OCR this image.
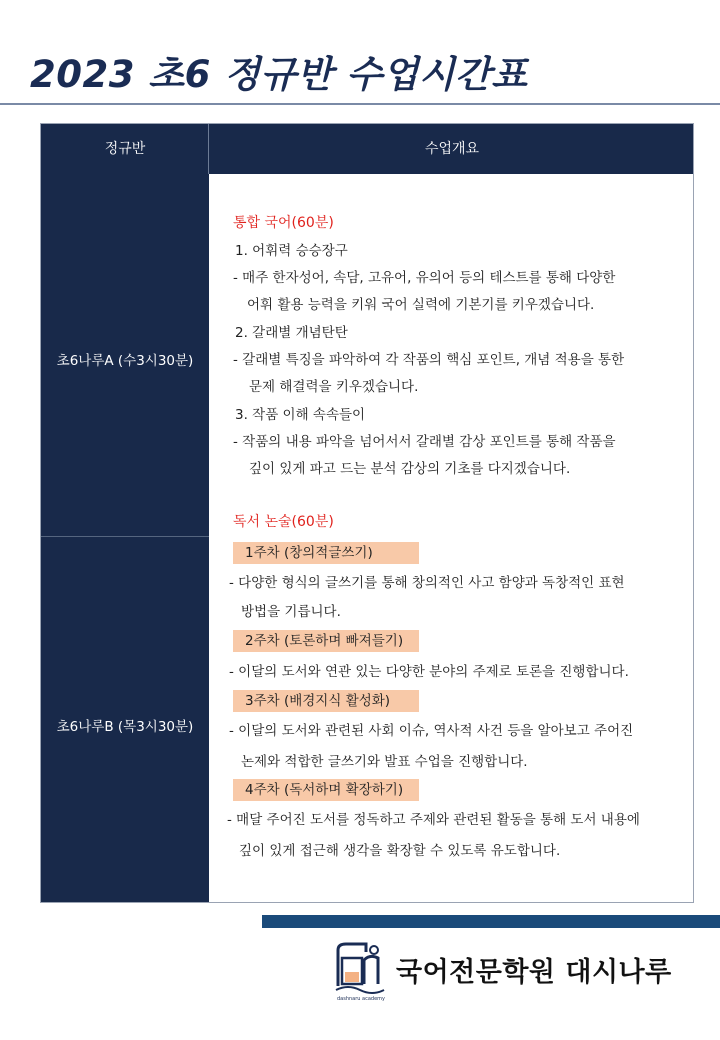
2023 초6 정규반 수업시간표
정규반	수업개요
초6나루A (수3시30분)
초6나루B (목3시30분)
통합 국어(60분)
1. 어휘력 승승장구
- 매주 한자성어, 속담, 고유어, 유의어 등의 테스트를 통해 다양한
어휘 활용 능력을 키워 국어 실력에 기본기를 키우겠습니다.
2. 갈래별 개념탄탄
- 갈래별 특징을 파악하여 각 작품의 핵심 포인트, 개념 적용을 통한
문제 해결력을 키우겠습니다.
3. 작품 이해 속속들이
- 작품의 내용 파악을 넘어서서 갈래별 감상 포인트를 통해 작품을
깊이 있게 파고 드는 분석 감상의 기초를 다지겠습니다.
독서 논술(60분)
1주차 (창의적글쓰기)
- 다양한 형식의 글쓰기를 통해 창의적인 사고 함양과 독창적인 표현
방법을 기릅니다.
2주차 (토론하며 빠져들기)
- 이달의 도서와 연관 있는 다양한 분야의 주제로 토론을 진행합니다.
3주차 (배경지식 활성화)
- 이달의 도서와 관련된 사회 이슈, 역사적 사건 등을 알아보고 주어진
논제와 적합한 글쓰기와 발표 수업을 진행합니다.
4주차 (독서하며 확장하기)
- 매달 주어진 도서를 정독하고 주제와 관련된 활동을 통해 도서 내용에
깊이 있게 접근해 생각을 확장할 수 있도록 유도합니다.
dashnaru academy
국어전문학원 대시나루
